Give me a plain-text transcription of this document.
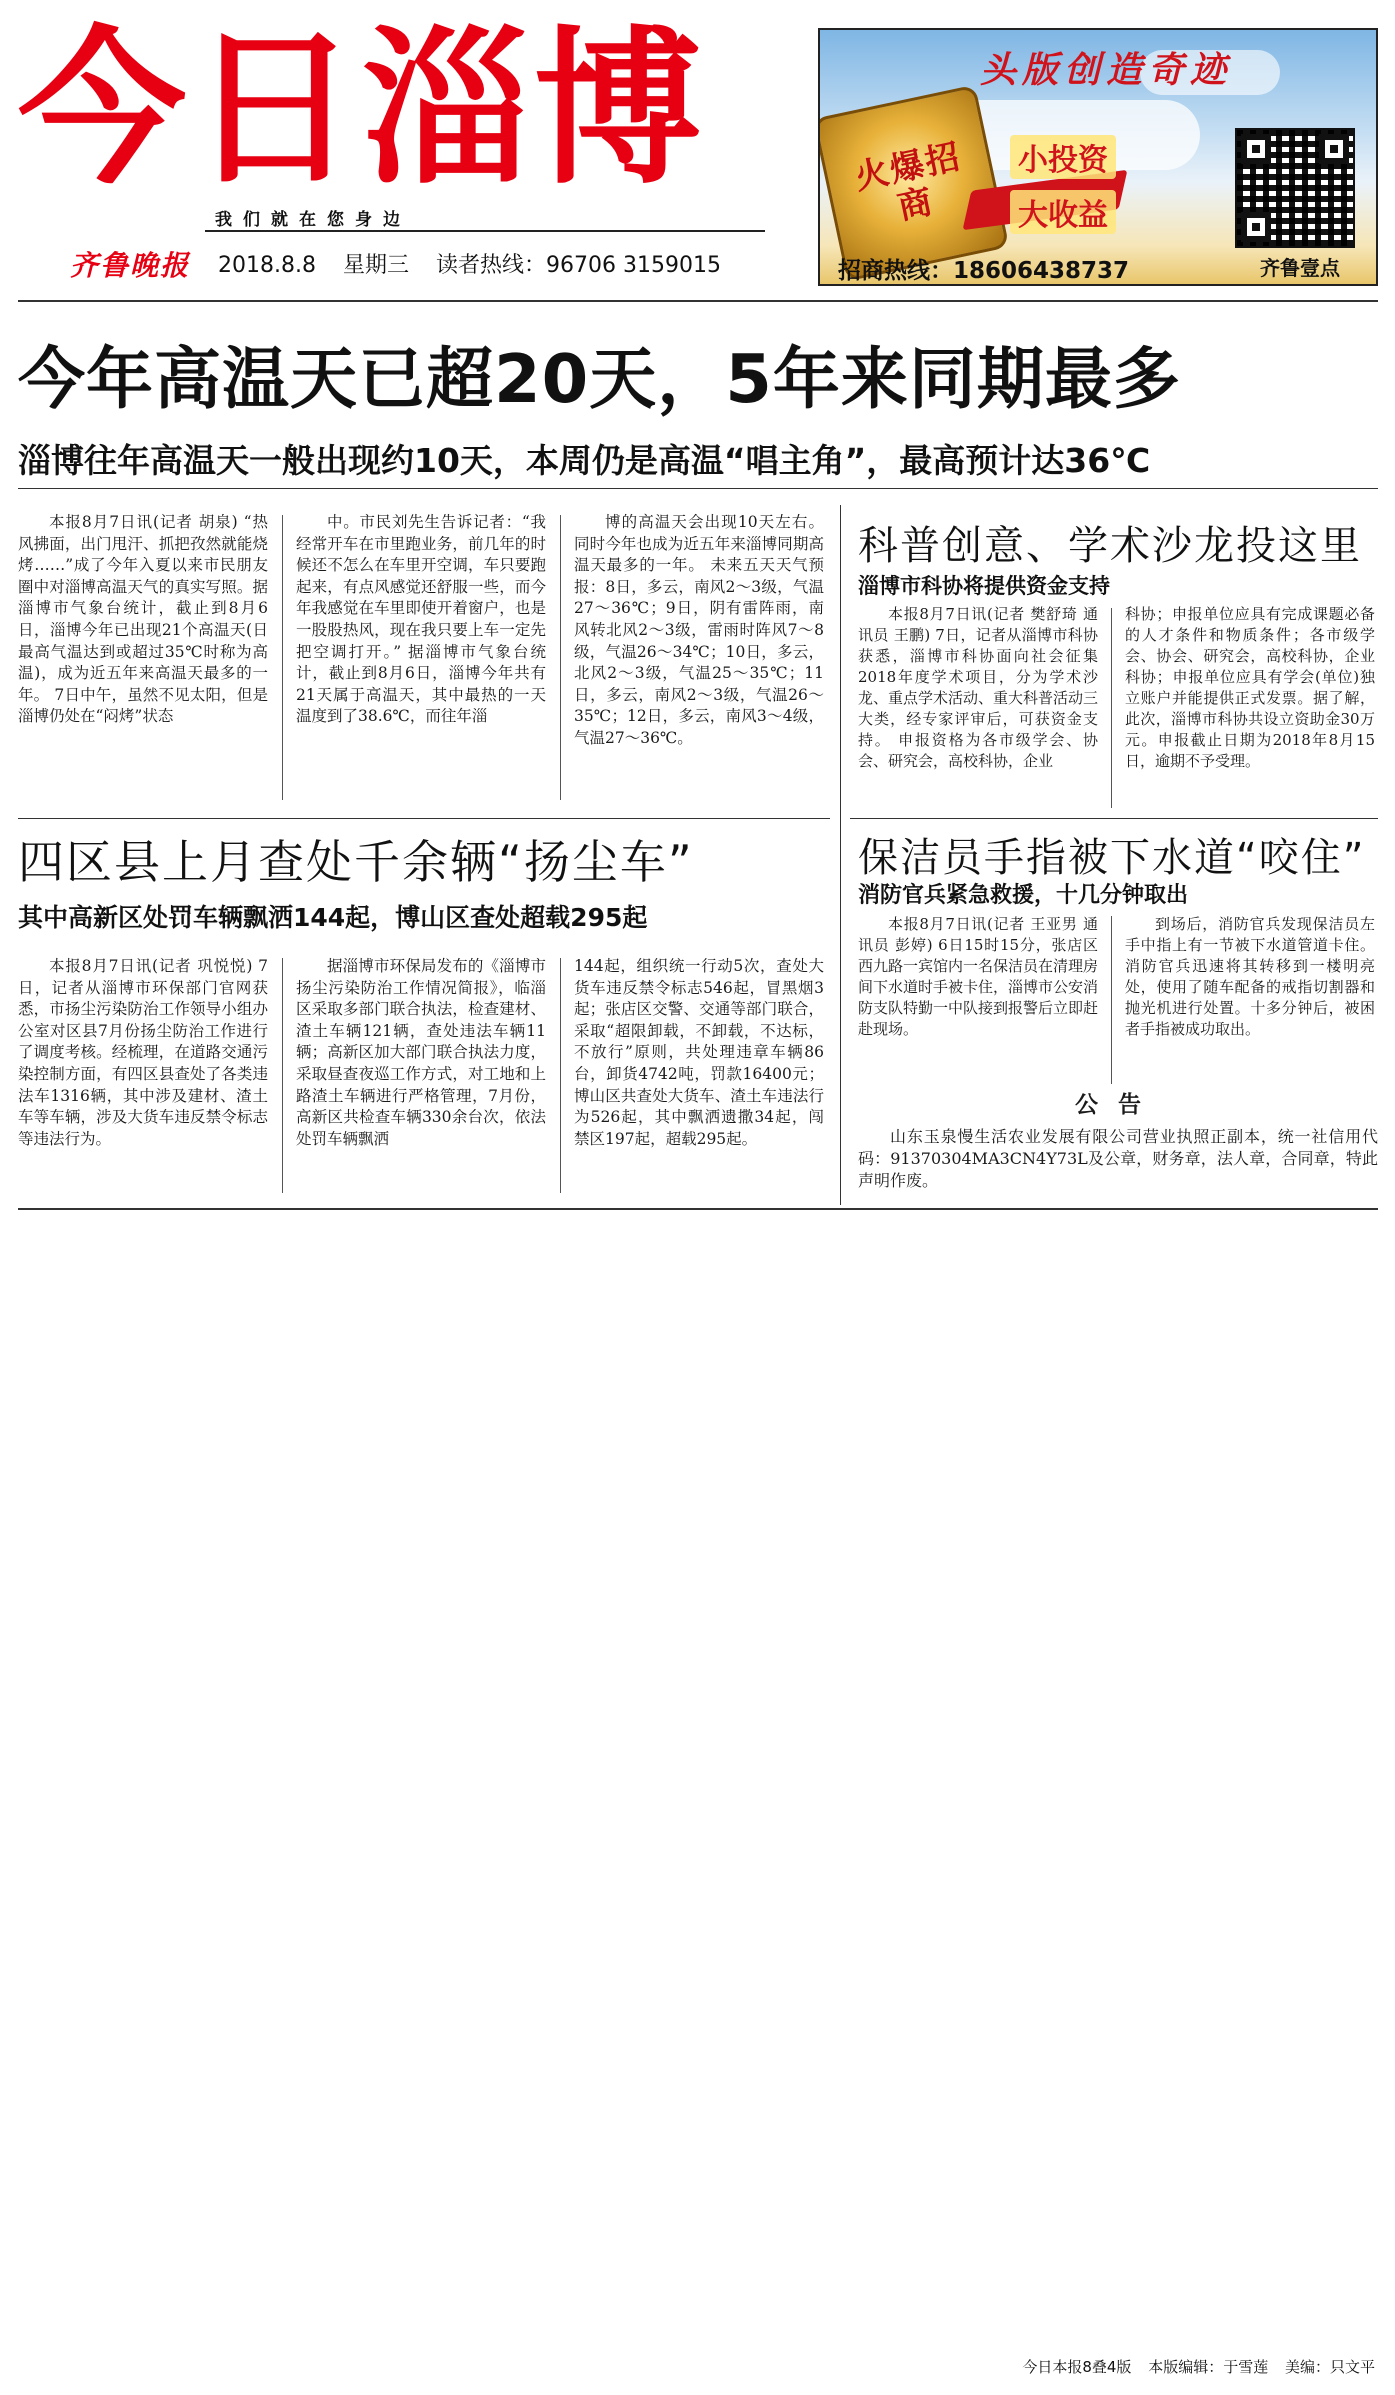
今日淄博
我们就在您身边
齐鲁晚报 2018.8.8 星期三 读者热线：96706 3159015
头版创造奇迹
火爆招商
小投资
大收益
招商热线：18606438737	齐鲁壹点
今年高温天已超20天，5年来同期最多
淄博往年高温天一般出现约10天，本周仍是高温“唱主角”，最高预计达36℃

本报8月7日讯(记者 胡泉) “热风拂面，出门甩汗、抓把孜然就能烧烤……”成了今年入夏以来市民朋友圈中对淄博高温天气的真实写照。据淄博市气象台统计，截止到8月6日，淄博今年已出现21个高温天(日最高气温达到或超过35℃时称为高温)，成为近五年来高温天最多的一年。 7日中午，虽然不见太阳，但是淄博仍处在“闷烤”状态

中。市民刘先生告诉记者：“我经常开车在市里跑业务，前几年的时候还不怎么在车里开空调，车只要跑起来，有点风感觉还舒服一些，而今年我感觉在车里即使开着窗户，也是一股股热风，现在我只要上车一定先把空调打开。” 据淄博市气象台统计，截止到8月6日，淄博今年共有21天属于高温天，其中最热的一天温度到了38.6℃，而往年淄

博的高温天会出现10天左右。同时今年也成为近五年来淄博同期高温天最多的一年。 未来五天天气预报：8日，多云，南风2～3级，气温27～36℃；9日，阴有雷阵雨，南风转北风2～3级，雷雨时阵风7～8级，气温26～34℃；10日，多云，北风2～3级，气温25～35℃；11日，多云，南风2～3级，气温26～35℃；12日，多云，南风3～4级，气温27～36℃。

科普创意、学术沙龙投这里
淄博市科协将提供资金支持

本报8月7日讯(记者 樊舒琦 通讯员 王鹏) 7日，记者从淄博市科协获悉，淄博市科协面向社会征集2018年度学术项目，分为学术沙龙、重点学术活动、重大科普活动三大类，经专家评审后，可获资金支持。 申报资格为各市级学会、协会、研究会，高校科协，企业

科协；申报单位应具有完成课题必备的人才条件和物质条件；各市级学会、协会、研究会，高校科协，企业科协；申报单位应具有学会(单位)独立账户并能提供正式发票。据了解，此次，淄博市科协共设立资助金30万元。申报截止日期为2018年8月15日，逾期不予受理。

四区县上月查处千余辆“扬尘车”
其中高新区处罚车辆飘洒144起，博山区查处超载295起

本报8月7日讯(记者 巩悦悦) 7日，记者从淄博市环保部门官网获悉，市扬尘污染防治工作领导小组办公室对区县7月份扬尘防治工作进行了调度考核。经梳理，在道路交通污染控制方面，有四区县查处了各类违法车1316辆，其中涉及建材、渣土车等车辆，涉及大货车违反禁令标志等违法行为。

据淄博市环保局发布的《淄博市扬尘污染防治工作情况简报》，临淄区采取多部门联合执法，检查建材、渣土车辆121辆，查处违法车辆11辆；高新区加大部门联合执法力度，采取昼查夜巡工作方式，对工地和上路渣土车辆进行严格管理，7月份，高新区共检查车辆330余台次，依法处罚车辆飘洒

144起，组织统一行动5次，查处大货车违反禁令标志546起，冒黑烟3起；张店区交警、交通等部门联合，采取“超限卸载，不卸载，不达标，不放行”原则，共处理违章车辆86台，卸货4742吨，罚款16400元；博山区共查处大货车、渣土车违法行为526起，其中飘洒遗撒34起，闯禁区197起，超载295起。

保洁员手指被下水道“咬住”
消防官兵紧急救援，十几分钟取出

本报8月7日讯(记者 王亚男 通讯员 彭婷) 6日15时15分，张店区西九路一宾馆内一名保洁员在清理房间下水道时手被卡住，淄博市公安消防支队特勤一中队接到报警后立即赶赴现场。

到场后，消防官兵发现保洁员左手中指上有一节被下水道管道卡住。消防官兵迅速将其转移到一楼明亮处，使用了随车配备的戒指切割器和抛光机进行处置。十多分钟后，被困者手指被成功取出。

公告

山东玉泉慢生活农业发展有限公司营业执照正副本，统一社信用代码：91370304MA3CN4Y73L及公章，财务章，法人章，合同章，特此声明作废。

今日本报8叠4版 本版编辑：于雪莲 美编：只文平
